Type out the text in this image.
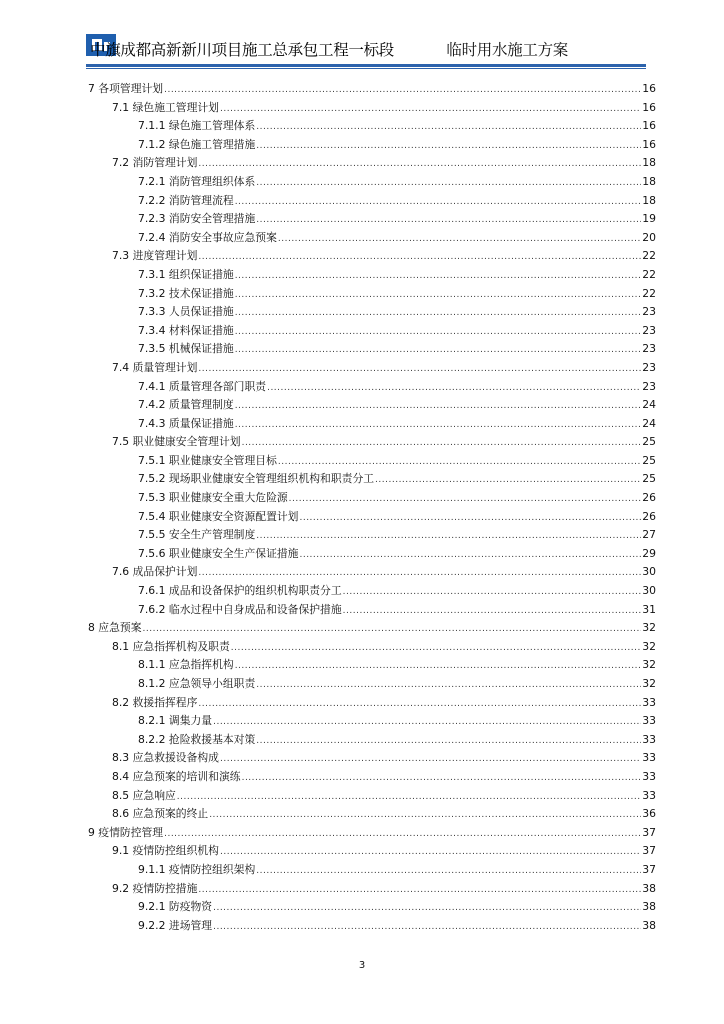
中旗成都高新新川项目施工总承包工程一标段	临时用水施工方案
7 各项管理计划 .....	16
7.1 绿色施工管理计划 .....	16
7.1.1 绿色施工管理体系 .....	16
7.1.2 绿色施工管理措施 .....	16
7.2 消防管理计划 .....	18
7.2.1 消防管理组织体系 .....	18
7.2.2 消防管理流程 .....	18
7.2.3 消防安全管理措施 .....	19
7.2.4 消防安全事故应急预案 .....	20
7.3 进度管理计划 .....	22
7.3.1 组织保证措施 .....	22
7.3.2 技术保证措施 .....	22
7.3.3 人员保证措施 .....	23
7.3.4 材料保证措施 .....	23
7.3.5 机械保证措施 .....	23
7.4 质量管理计划 .....	23
7.4.1 质量管理各部门职责 .....	23
7.4.2 质量管理制度 .....	24
7.4.3 质量保证措施 .....	24
7.5 职业健康安全管理计划 .....	25
7.5.1 职业健康安全管理目标 .....	25
7.5.2 现场职业健康安全管理组织机构和职责分工 .....	25
7.5.3 职业健康安全重大危险源 .....	26
7.5.4 职业健康安全资源配置计划 .....	26
7.5.5 安全生产管理制度 .....	27
7.5.6 职业健康安全生产保证措施 .....	29
7.6 成品保护计划 .....	30
7.6.1 成品和设备保护的组织机构职责分工 .....	30
7.6.2 临水过程中自身成品和设备保护措施 .....	31
8 应急预案 .....	32
8.1 应急指挥机构及职责 .....	32
8.1.1 应急指挥机构 .....	32
8.1.2 应急领导小组职责 .....	32
8.2 救援指挥程序 .....	33
8.2.1 调集力量 .....	33
8.2.2 抢险救援基本对策 .....	33
8.3 应急救援设备构成 .....	33
8.4 应急预案的培训和演练 .....	33
8.5 应急响应 .....	33
8.6 应急预案的终止 .....	36
9 疫情防控管理 .....	37
9.1 疫情防控组织机构 .....	37
9.1.1 疫情防控组织架构 .....	37
9.2 疫情防控措施 .....	38
9.2.1 防疫物资 .....	38
9.2.2 进场管理 .....	38
3
